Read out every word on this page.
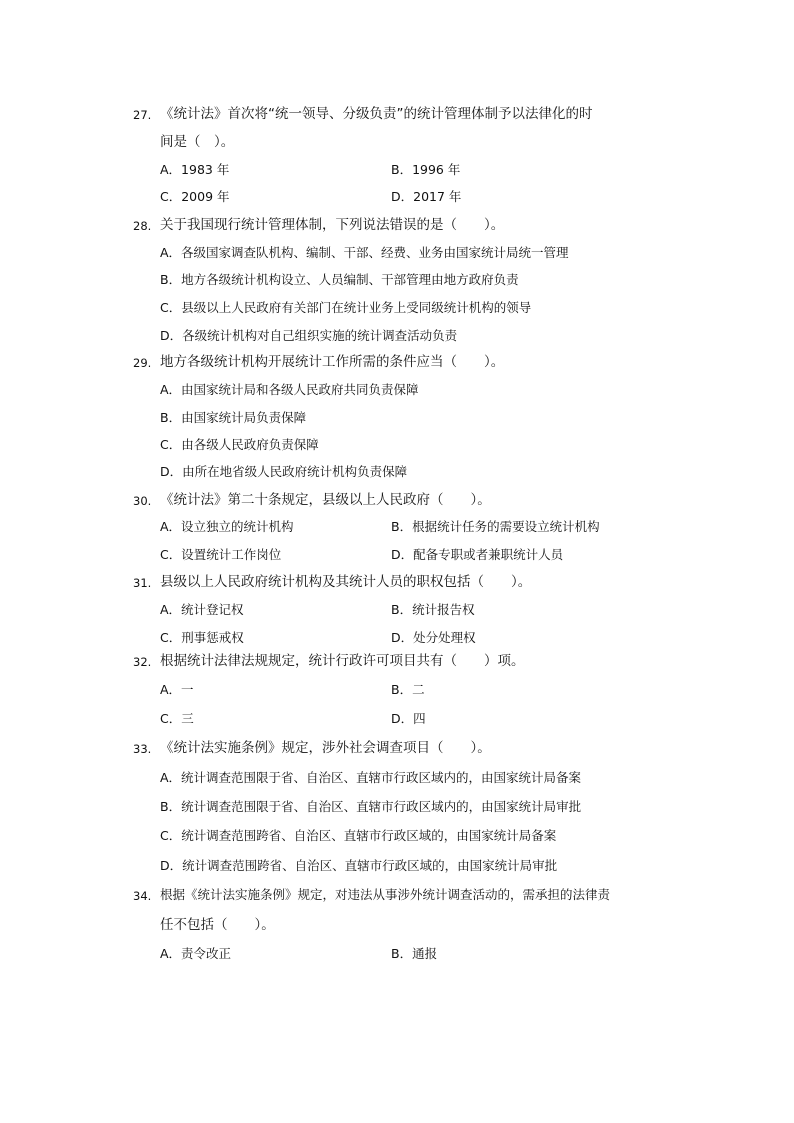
27. 《统计法》首次将“统一领导、分级负责”的统计管理体制予以法律化的时
间是（　）。
A．1983 年	B．1996 年
C．2009 年	D．2017 年
28. 关于我国现行统计管理体制，下列说法错误的是（　　）。
A．各级国家调查队机构、编制、干部、经费、业务由国家统计局统一管理
B．地方各级统计机构设立、人员编制、干部管理由地方政府负责
C．县级以上人民政府有关部门在统计业务上受同级统计机构的领导
D．各级统计机构对自己组织实施的统计调查活动负责
29. 地方各级统计机构开展统计工作所需的条件应当（　　）。
A．由国家统计局和各级人民政府共同负责保障
B．由国家统计局负责保障
C．由各级人民政府负责保障
D．由所在地省级人民政府统计机构负责保障
30. 《统计法》第二十条规定，县级以上人民政府（　　）。
A．设立独立的统计机构	B．根据统计任务的需要设立统计机构
C．设置统计工作岗位	D．配备专职或者兼职统计人员
31. 县级以上人民政府统计机构及其统计人员的职权包括（　　）。
A．统计登记权	B．统计报告权
C．刑事惩戒权	D．处分处理权
32. 根据统计法律法规规定，统计行政许可项目共有（　　）项。
A．一	B．二
C．三	D．四
33. 《统计法实施条例》规定，涉外社会调查项目（　　）。
A．统计调查范围限于省、自治区、直辖市行政区域内的，由国家统计局备案
B．统计调查范围限于省、自治区、直辖市行政区域内的，由国家统计局审批
C．统计调查范围跨省、自治区、直辖市行政区域的，由国家统计局备案
D．统计调查范围跨省、自治区、直辖市行政区域的，由国家统计局审批
34. 根据《统计法实施条例》规定，对违法从事涉外统计调查活动的，需承担的法律责
任不包括（　　）。
A．责令改正	B．通报
